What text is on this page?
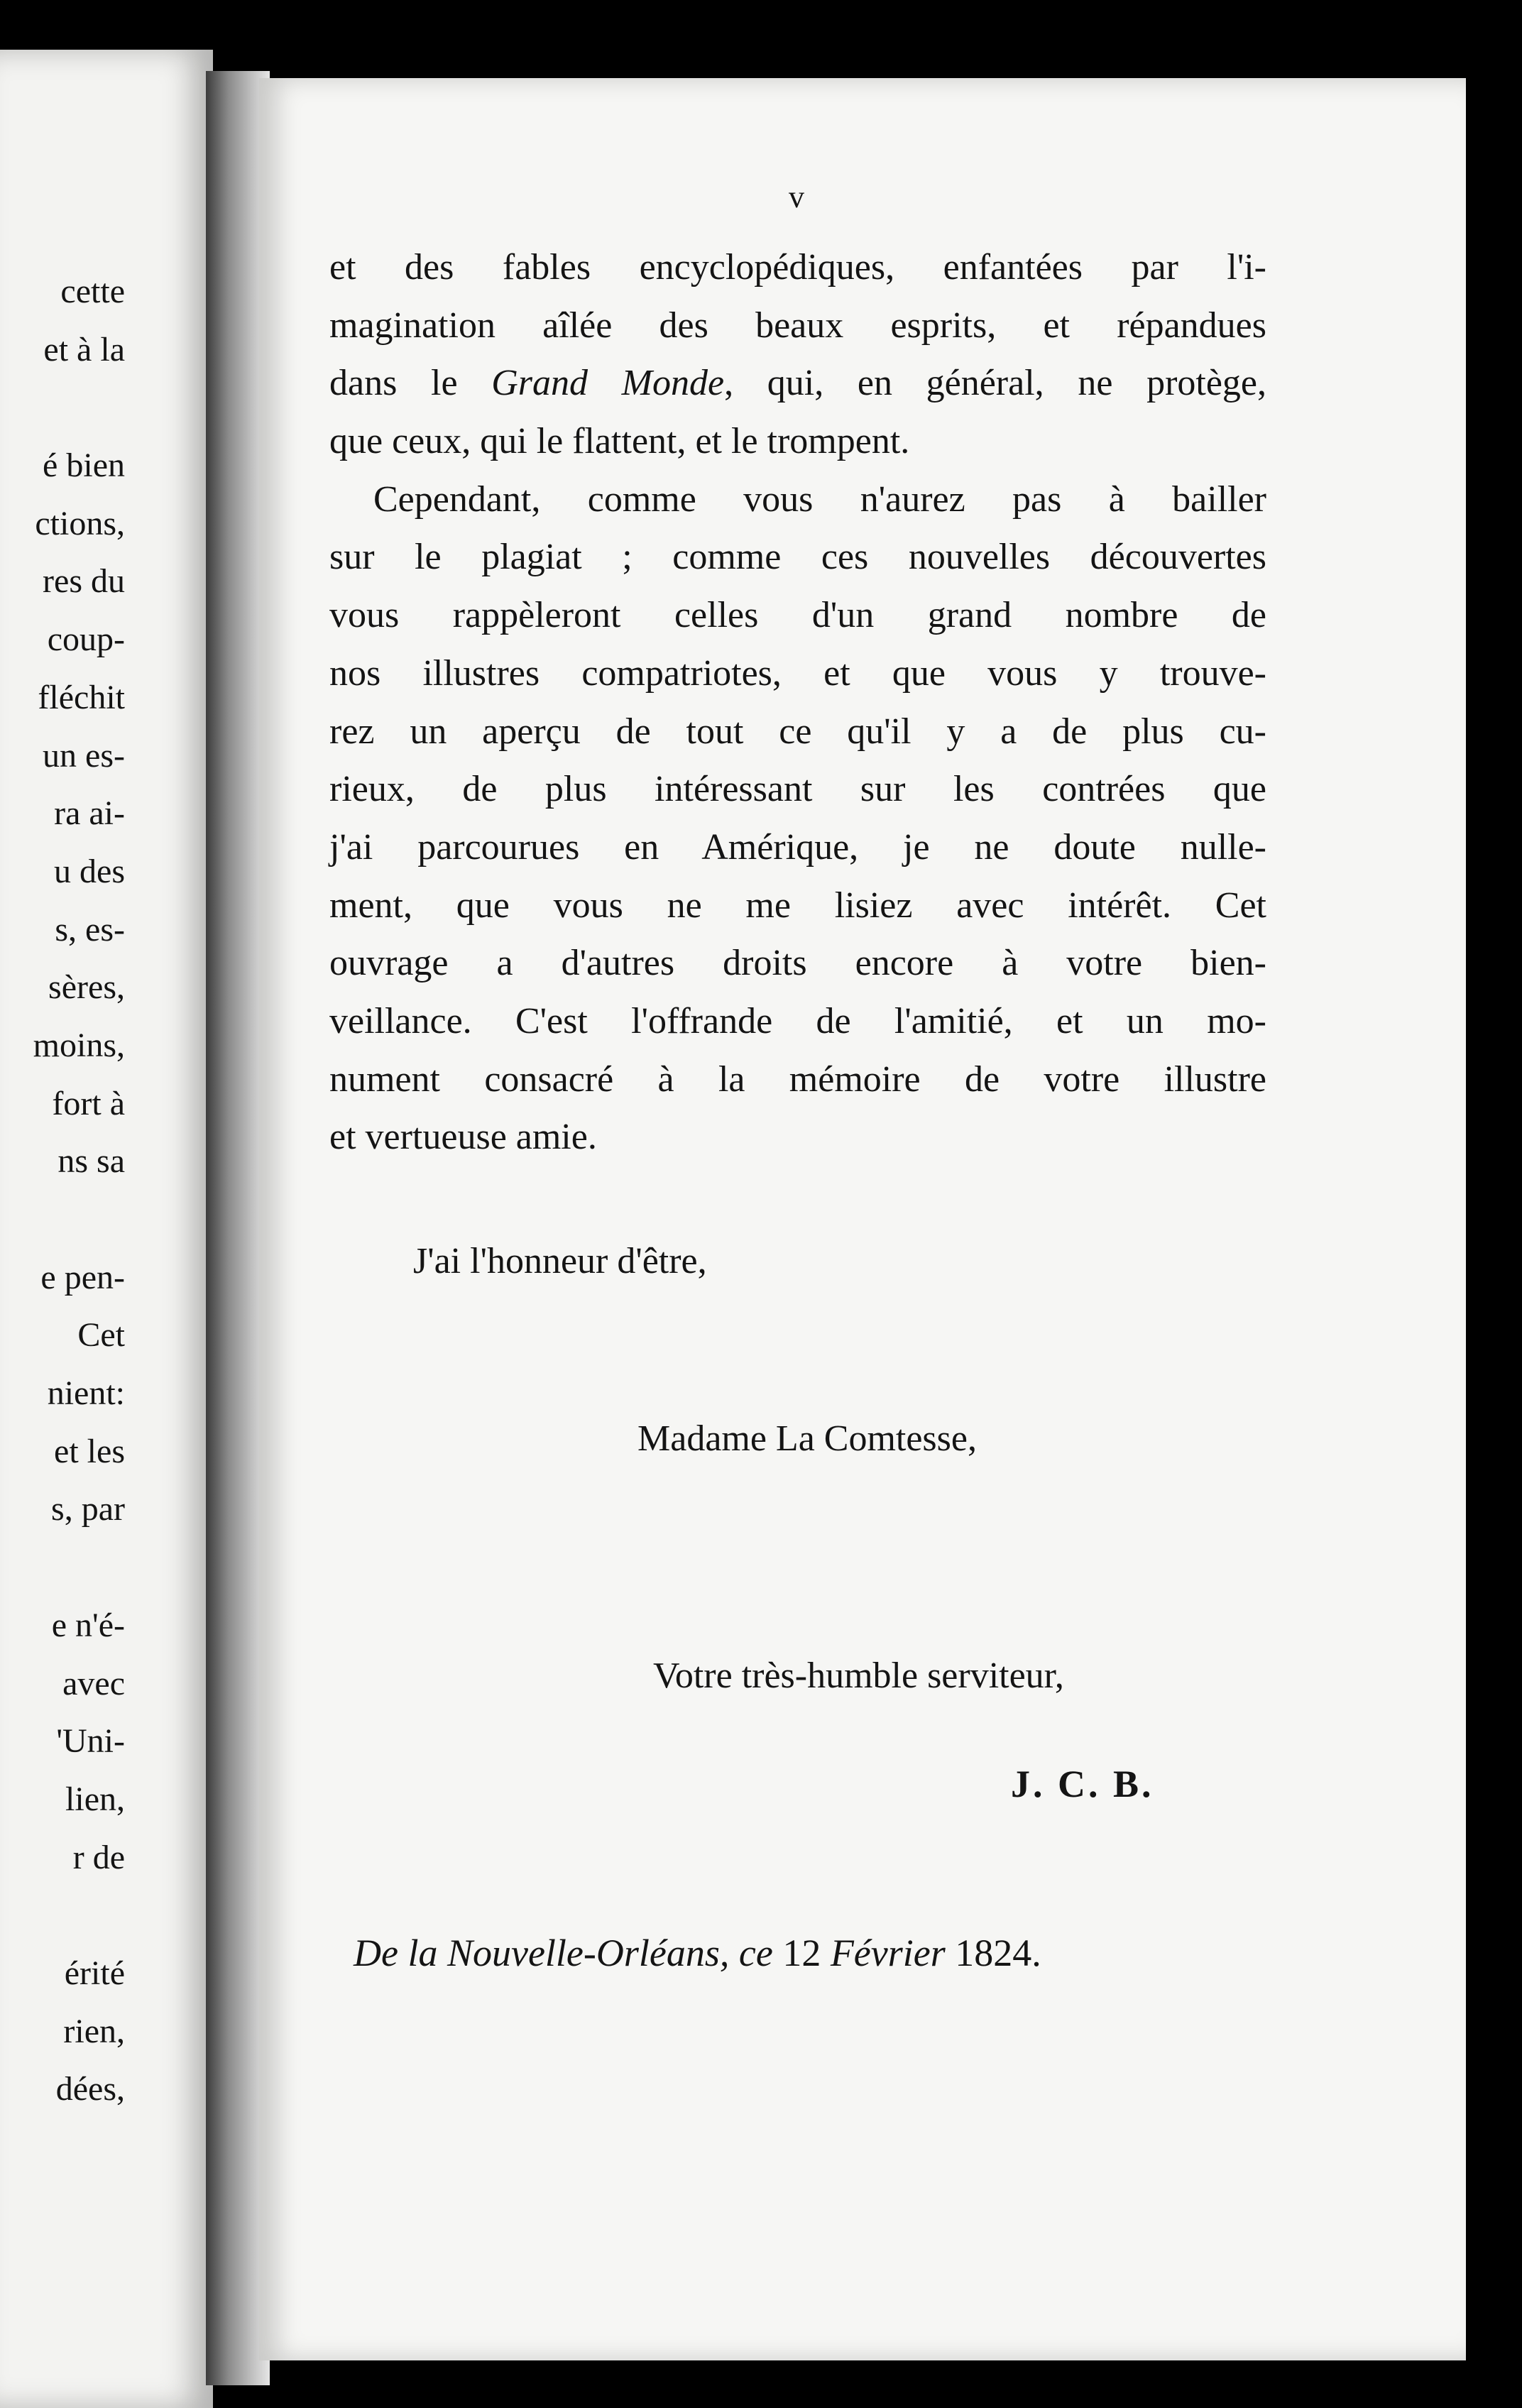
cette
et à la
é bien
ctions,
res du
coup-
fléchit
un es-
ra ai-
u des
s, es-
sères,
moins,
fort à
ns sa
e pen-
Cet
nient:
et les
s, par
e n'é-
avec
'Uni-
lien,
r de
érité
rien,
dées,
v
et des fables encyclopédiques, enfantées par l'i-
magination aîlée des beaux esprits, et répandues
dans le Grand Monde, qui, en général, ne protège,
que ceux, qui le flattent, et le trompent.
Cependant, comme vous n'aurez pas à bailler
sur le plagiat ; comme ces nouvelles découvertes
vous rappèleront celles d'un grand nombre de
nos illustres compatriotes, et que vous y trouve-
rez un aperçu de tout ce qu'il y a de plus cu-
rieux, de plus intéressant sur les contrées que
j'ai parcourues en Amérique, je ne doute nulle-
ment, que vous ne me lisiez avec intérêt. Cet
ouvrage a d'autres droits encore à votre bien-
veillance. C'est l'offrande de l'amitié, et un mo-
nument consacré à la mémoire de votre illustre
et vertueuse amie.
J'ai l'honneur d'être,
Madame La Comtesse,
Votre très-humble serviteur,
J. C. B.
De la Nouvelle-Orléans, ce 12 Février 1824.
